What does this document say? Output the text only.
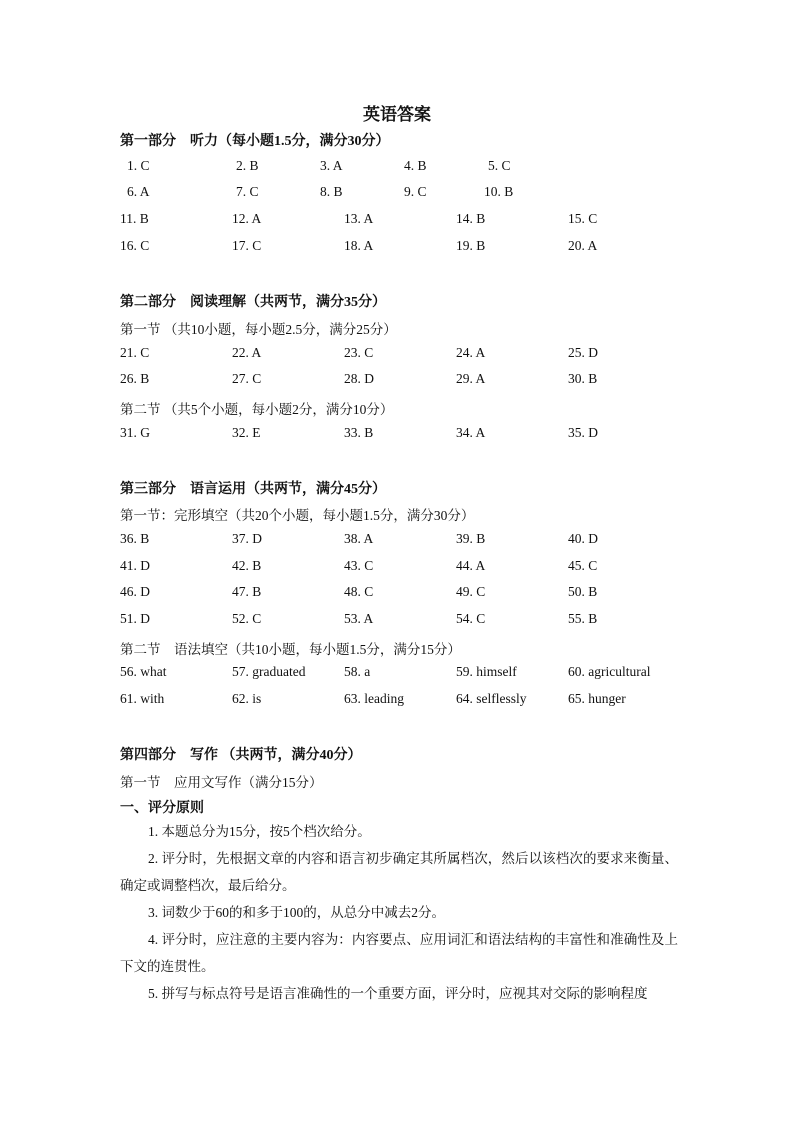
英语答案
第一部分　听力（每小题1.5分，满分30分）
1. C	2. B	3. A	4. B	5. C
6. A	7. C	8. B	9. C	10. B
11. B	12. A	13. A	14. B	15. C
16. C	17. C	18. A	19. B	20. A
第二部分　阅读理解（共两节，满分35分）
第一节 （共10小题，每小题2.5分，满分25分）
21. C	22. A	23. C	24. A	25. D
26. B	27. C	28. D	29. A	30. B
第二节 （共5个小题，每小题2分，满分10分）
31. G	32. E	33. B	34. A	35. D
第三部分　语言运用（共两节，满分45分）
第一节：完形填空（共20个小题，每小题1.5分，满分30分）
36. B	37. D	38. A	39. B	40. D
41. D	42. B	43. C	44. A	45. C
46. D	47. B	48. C	49. C	50. B
51. D	52. C	53. A	54. C	55. B
第二节　语法填空（共10小题，每小题1.5分，满分15分）
56. what	57. graduated	58. a	59. himself	60. agricultural
61. with	62. is	63. leading	64. selflessly	65. hunger
第四部分　写作 （共两节，满分40分）
第一节　应用文写作（满分15分）
一、评分原则
1. 本题总分为15分，按5个档次给分。
2. 评分时，先根据文章的内容和语言初步确定其所属档次，然后以该档次的要求来衡量、确定或调整档次，最后给分。
3. 词数少于60的和多于100的，从总分中减去2分。
4. 评分时，应注意的主要内容为：内容要点、应用词汇和语法结构的丰富性和准确性及上下文的连贯性。
5. 拼写与标点符号是语言准确性的一个重要方面，评分时，应视其对交际的影响程度
